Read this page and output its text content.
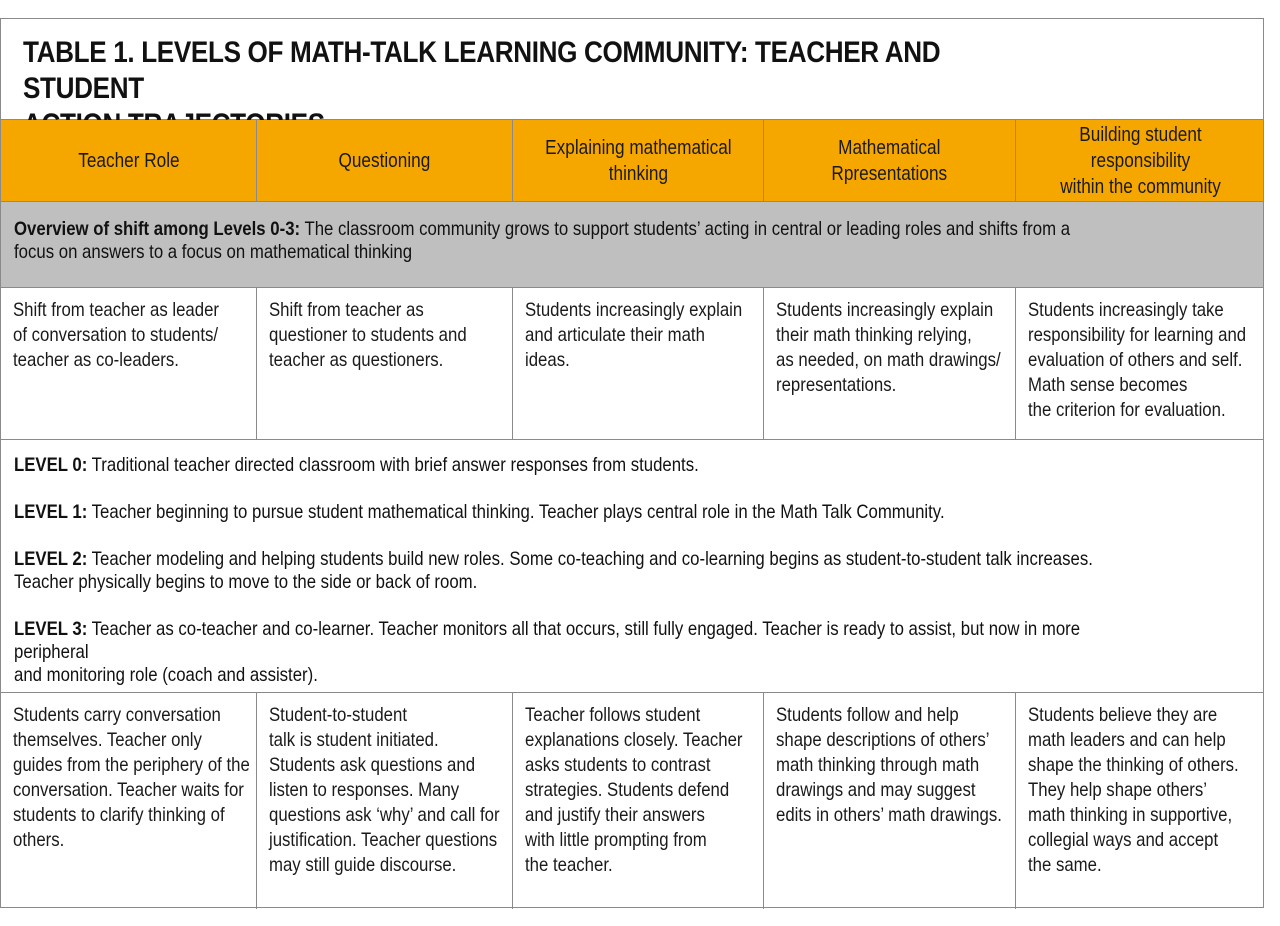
TABLE 1. LEVELS OF MATH-TALK LEARNING COMMUNITY: TEACHER AND STUDENT

Teacher Role	Questioning
Explaining mathematical
thinking
Mathematical
Rpresentations
Building student responsibility
within the community
Overview of shift among Levels 0-3: The classroom community grows to support students’ acting in central or leading roles and shifts from a
focus on answers to a focus on mathematical thinking
Shift from teacher as leader
of conversation to students/
teacher as co-leaders.
Shift from teacher as
questioner to students and
teacher as questioners.
Students increasingly explain
and articulate their math
ideas.
Students increasingly explain
their math thinking relying,
as needed, on math drawings/
representations.
Students increasingly take
responsibility for learning and
evaluation of others and self.
Math sense becomes
the criterion for evaluation.
LEVEL 0: Traditional teacher directed classroom with brief answer responses from students.
LEVEL 1: Teacher beginning to pursue student mathematical thinking. Teacher plays central role in the Math Talk Community.
LEVEL 2: Teacher modeling and helping students build new roles. Some co-teaching and co-learning begins as student-to-student talk increases.
Teacher physically begins to move to the side or back of room.
LEVEL 3: Teacher as co-teacher and co-learner. Teacher monitors all that occurs, still fully engaged. Teacher is ready to assist, but now in more peripheral
and monitoring role (coach and assister).
Students carry conversation
themselves. Teacher only
guides from the periphery of the
conversation. Teacher waits for
students to clarify thinking of
others.
Student-to-student
talk is student initiated.
Students ask questions and
listen to responses. Many
questions ask ‘why’ and call for
justification. Teacher questions
may still guide discourse.
Teacher follows student
explanations closely. Teacher
asks students to contrast
strategies. Students defend
and justify their answers
with little prompting from
the teacher.
Students follow and help
shape descriptions of others’
math thinking through math
drawings and may suggest
edits in others’ math drawings.
Students believe they are
math leaders and can help
shape the thinking of others.
They help shape others’
math thinking in supportive,
collegial ways and accept
the same.
